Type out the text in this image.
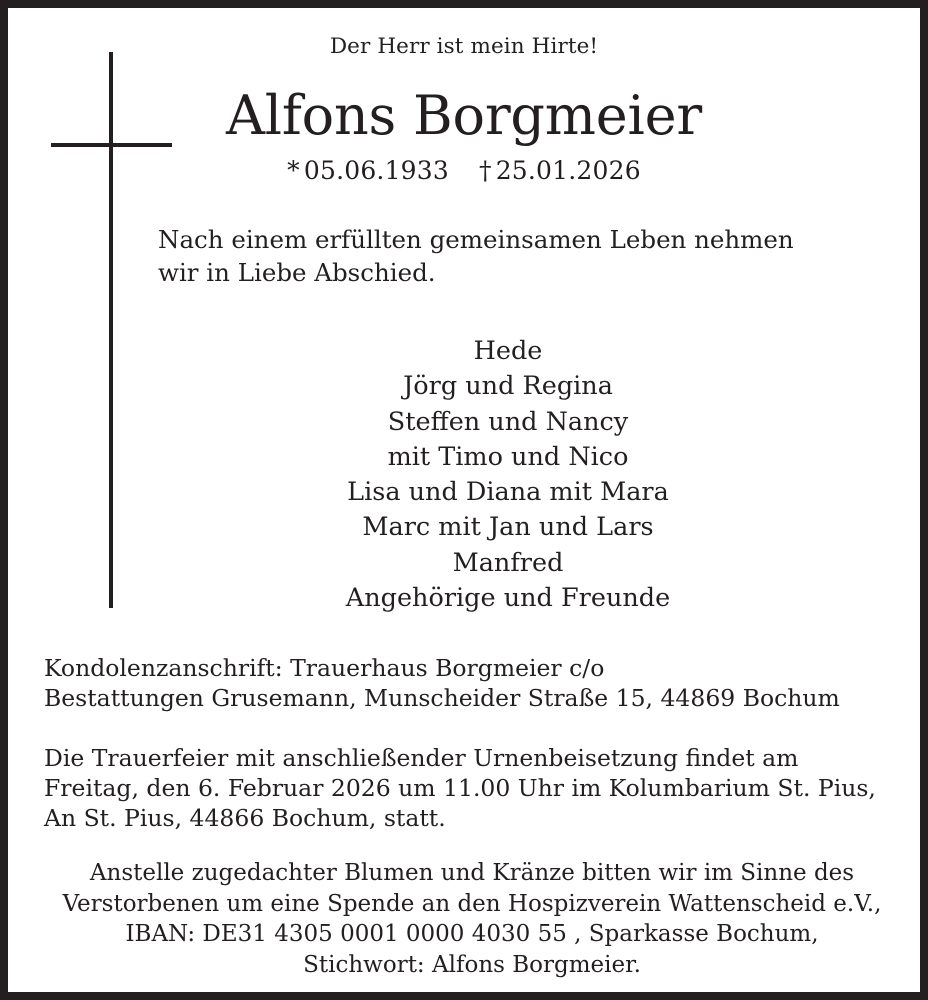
Der Herr ist mein Hirte!
Alfons Borgmeier
* 05.06.1933 † 25.01.2026
Nach einem erfüllten gemeinsamen Leben nehmen
wir in Liebe Abschied.
Hede
Jörg und Regina
Steffen und Nancy
mit Timo und Nico
Lisa und Diana mit Mara
Marc mit Jan und Lars
Manfred
Angehörige und Freunde

Kondolenzanschrift: Trauerhaus Borgmeier c/o

Bestattungen Grusemann, Munscheider Straße 15, 44869 Bochum

Die Trauerfeier mit anschließender Urnenbeisetzung findet am

Freitag, den 6. Februar 2026 um 11.00 Uhr im Kolumbarium St. Pius,

An St. Pius, 44866 Bochum, statt.

Anstelle zugedachter Blumen und Kränze bitten wir im Sinne des

Verstorbenen um eine Spende an den Hospizverein Wattenscheid e.V.,

IBAN: DE31 4305 0001 0000 4030 55 , Sparkasse Bochum,

Stichwort: Alfons Borgmeier.
